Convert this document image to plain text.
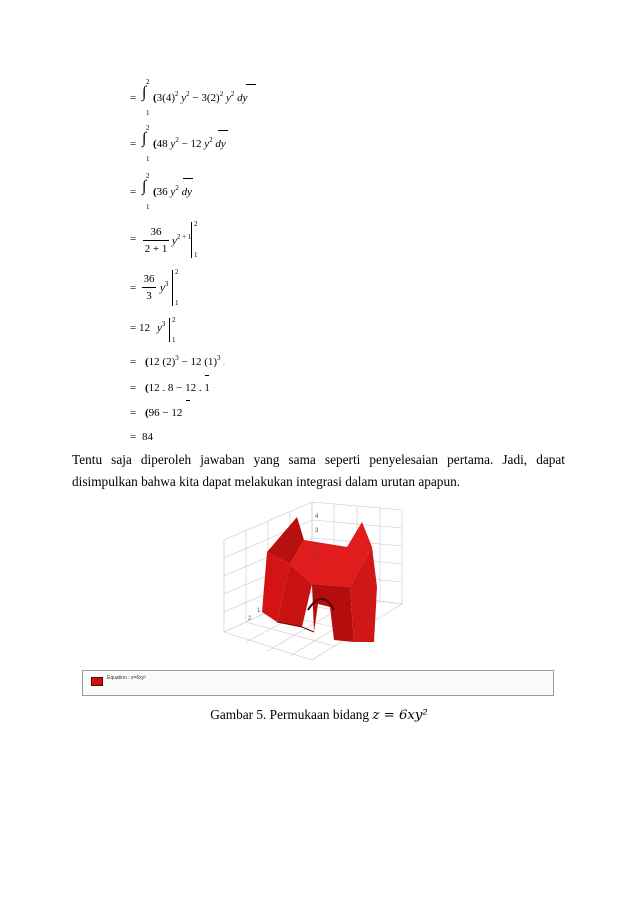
=
2
∫
1
($3(4)^2$ $y^2 - 3(2)^2$ $y^2$ dy
=
2
∫
1
(48 $y^2 - 12$ $y^2$ dy
=
2
∫
1
(36 $y^2$ dy
=
36
2 + 1
$y^{2 + 1}$
2
1
=
36
3
$y^3$
2
1
= 12 $y^3$ 2
1
= (12 $(2)^3 - 12$ $(1)^3$ .
= (12 . 8 − 12 . 1
= (96 − 12
= 84

Tentu saja diperoleh jawaban yang sama seperti penyelesaian pertama. Jadi, dapat disimpulkan bahwa kita dapat melakukan integrasi dalam urutan apapun.

4
3
2
1
0
1
2
Equation : z=6xy²
Gambar 5. Permukaan bidang z = 6xy²
